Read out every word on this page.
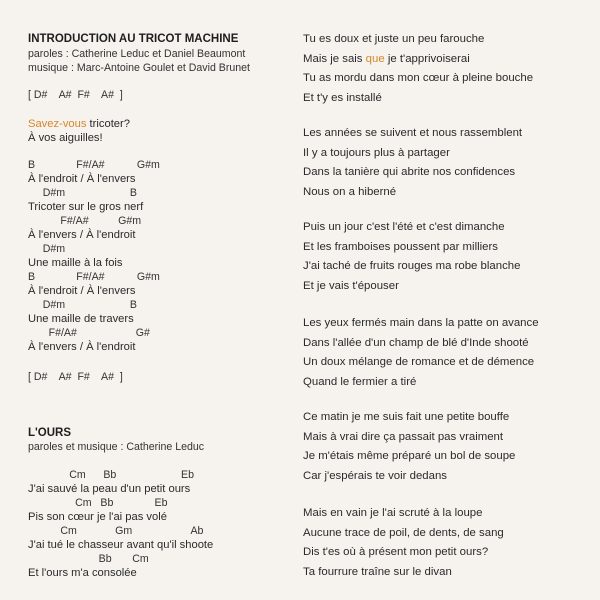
INTRODUCTION AU TRICOT MACHINE
paroles : Catherine Leduc et Daniel Beaumont
musique : Marc-Antoine Goulet et David Brunet
[ D#    A#  F#    A#  ]
Savez-vous tricoter?
À vos aiguilles!
B              F#/A#           G#m
À l'endroit / À l'envers
D#m                      B
Tricoter sur le gros nerf
F#/A#          G#m
À l'envers / À l'endroit
D#m
Une maille à la fois
B              F#/A#           G#m
À l'endroit / À l'envers
D#m                      B
Une maille de travers
F#/A#                    G#
À l'envers / À l'endroit
[ D#    A#  F#    A#  ]
L'OURS
paroles et musique : Catherine Leduc
Cm      Bb                      Eb
J'ai sauvé la peau d'un petit ours
Cm   Bb              Eb
Pis son cœur je l'ai pas volé
Cm             Gm                    Ab
J'ai tué le chasseur avant qu'il shoote
Bb       Cm
Et l'ours m'a consolée
Tu es doux et juste un peu farouche
Mais je sais que je t'apprivoiserai
Tu as mordu dans mon cœur à pleine bouche
Et t'y es installé
Les années se suivent et nous rassemblent
Il y a toujours plus à partager
Dans la tanière qui abrite nos confidences
Nous on a hiberné
Puis un jour c'est l'été et c'est dimanche
Et les framboises poussent par milliers
J'ai taché de fruits rouges ma robe blanche
Et je vais t'épouser
Les yeux fermés main dans la patte on avance
Dans l'allée d'un champ de blé d'Inde shooté
Un doux mélange de romance et de démence
Quand le fermier a tiré
Ce matin je me suis fait une petite bouffe
Mais à vrai dire ça passait pas vraiment
Je m'étais même préparé un bol de soupe
Car j'espérais te voir dedans
Mais en vain je l'ai scruté à la loupe
Aucune trace de poil, de dents, de sang
Dis t'es où à présent mon petit ours?
Ta fourrure traîne sur le divan
